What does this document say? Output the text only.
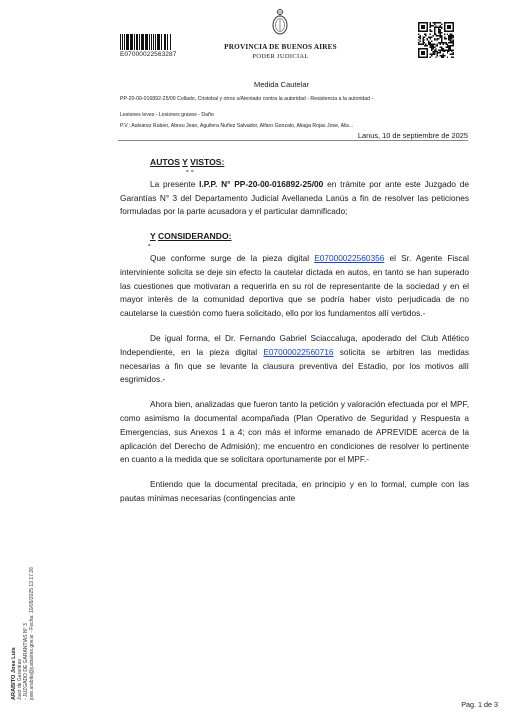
E07000022563287
PROVINCIA DE BUENOS AIRES
PODER JUDICIAL
Medida Cautelar
PP-20-00-016892-25/00 Collado, Cristobal y otros s/Atentado contra la autoridad - Resistencia a la autoridad -
Lesiones leves - Lesiones graves - Daño
P.V.: Aalvarez Ruben, Abreu Jean, Aguilera Nuñez Salvador, Alfaro Gonzalo, Aliaga Rojas Jose, Alis...
Lanus, 10 de septiembre de 2025
AUTOS Y VISTOS:
- -

La presente I.P.P. N° PP-20-00-016892-25/00 en trámite por ante este Juzgado de Garantías N° 3 del Departamento Judicial Avellaneda Lanús a fin de resolver las peticiones formuladas por la parte acusadora y el particular damnificado;

Y CONSIDERANDO:
-

Que conforme surge de la pieza digital E07000022560356 el Sr. Agente Fiscal interviniente solicita se deje sin efecto la cautelar dictada en autos, en tanto se han superado las cuestiones que motivaran a requerirla en su rol de representante de la sociedad y en el mayor interés de la comunidad deportiva que se podría haber visto perjudicada de no cautelarse la cuestión como fuera solicitado, ello por los fundamentos allí vertidos.-

De igual forma, el Dr. Fernando Gabriel Sciaccaluga, apoderado del Club Atlético Independiente, en la pieza digital E07000022560716 solicita se arbitren las medidas necesarias a fin que se levante la clausura preventiva del Estadio, por los motivos allí esgrimidos.-

Ahora bien, analizadas que fueron tanto la petición y valoración efectuada por el MPF, como asimismo la documental acompañada (Plan Operativo de Seguridad y Respuesta a Emergencias, sus Anexos 1 a 4; con más el informe emanado de APREVIDE acerca de la aplicación del Derecho de Admisión); me encuentro en condiciones de resolver lo pertinente en cuanto a la medida que se solicitara oportunamente por el MPF.-

Entiendo que la documental precitada, en principio y en lo formal, cumple con las pautas mínimas necesarias (contingencias ante

ARABITO Jose Luis Juez de Garantías - JUZGADO DE GARANTIAS N° 3 jose.arabito@jusbaires.gov.ar - Fecha: 10/09/2025 13:17:26
Pag. 1 de 3
